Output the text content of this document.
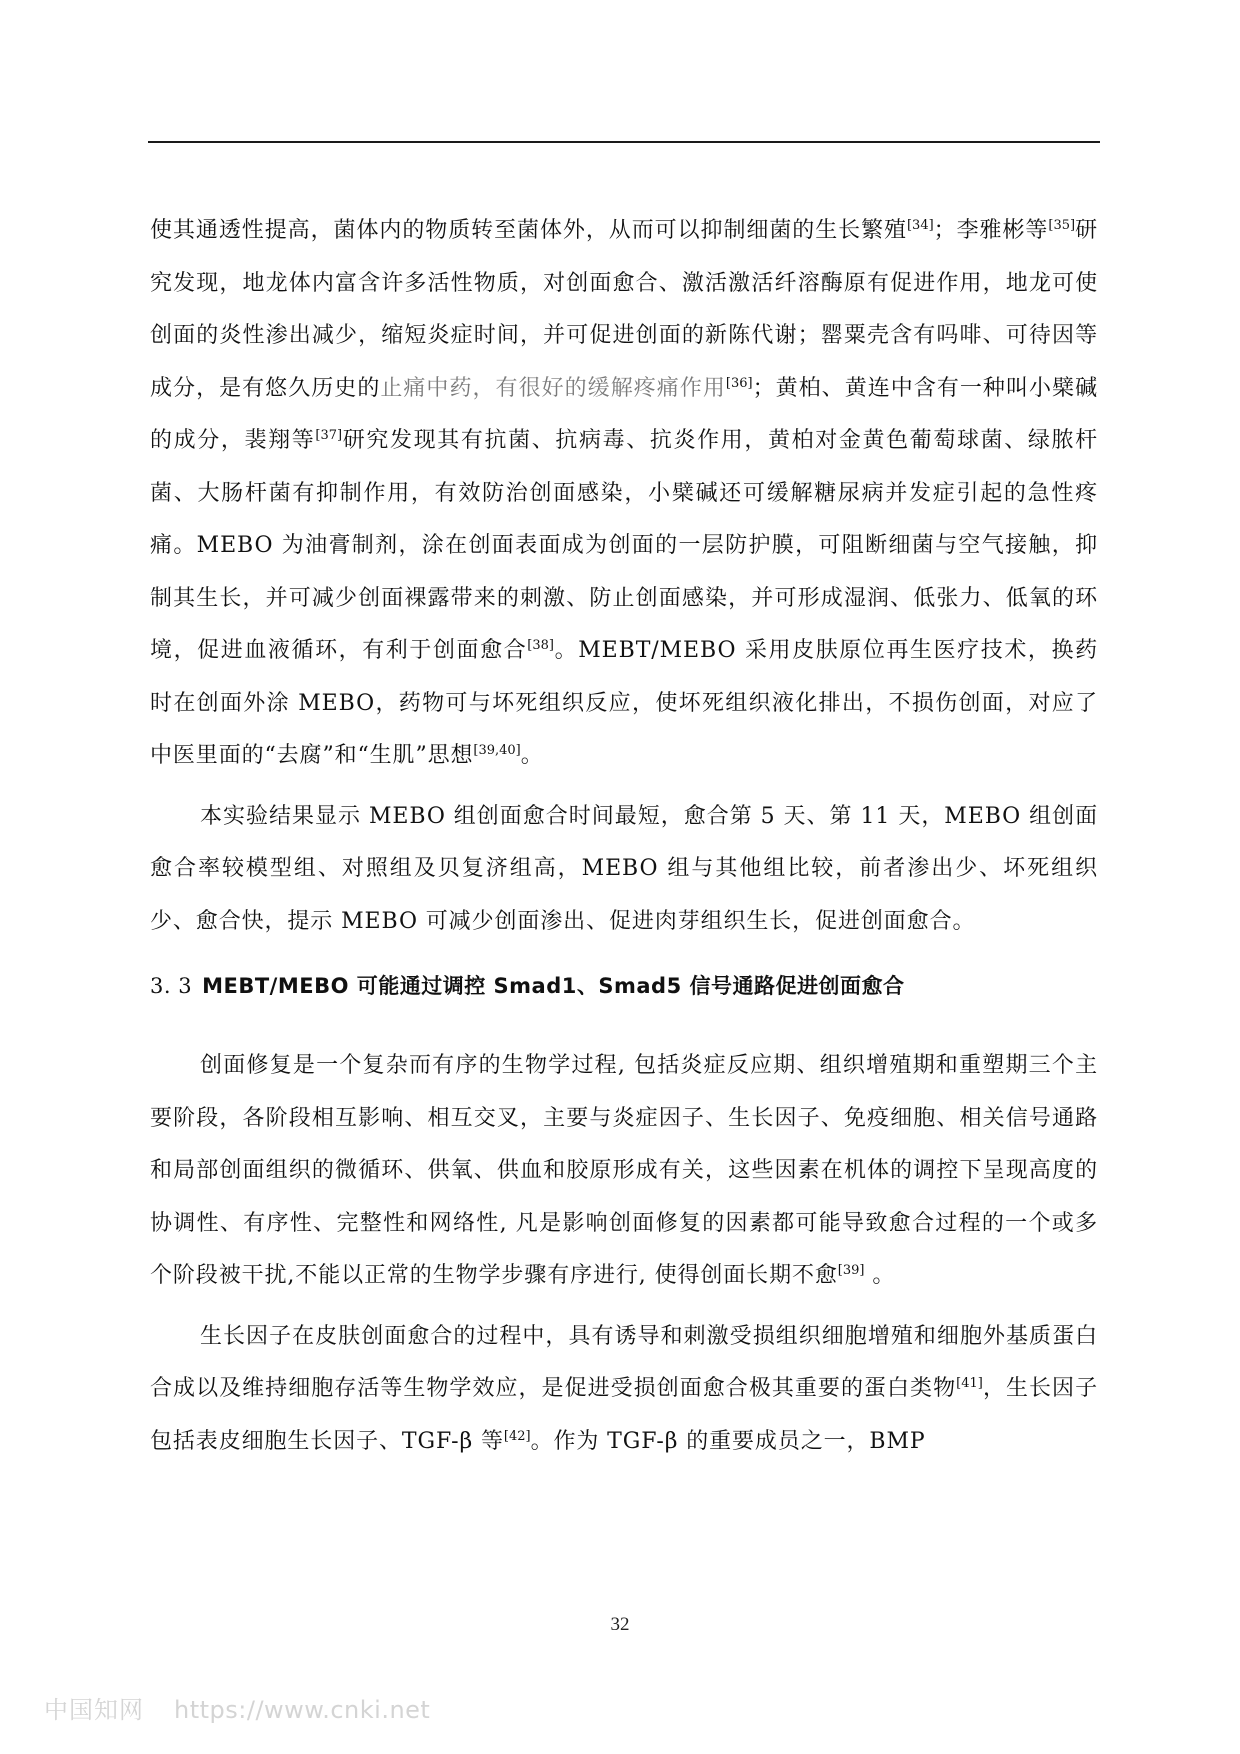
使其通透性提高，菌体内的物质转至菌体外，从而可以抑制细菌的生长繁殖[34]；李雅彬等[35]研究发现，地龙体内富含许多活性物质，对创面愈合、激活激活纤溶酶原有促进作用，地龙可使创面的炎性渗出减少，缩短炎症时间，并可促进创面的新陈代谢；罂粟壳含有吗啡、可待因等成分，是有悠久历史的止痛中药，有很好的缓解疼痛作用[36]；黄柏、黄连中含有一种叫小檗碱的成分，裴翔等[37]研究发现其有抗菌、抗病毒、抗炎作用，黄柏对金黄色葡萄球菌、绿脓杆菌、大肠杆菌有抑制作用，有效防治创面感染，小檗碱还可缓解糖尿病并发症引起的急性疼痛。MEBO 为油膏制剂，涂在创面表面成为创面的一层防护膜，可阻断细菌与空气接触，抑制其生长，并可减少创面裸露带来的刺激、防止创面感染，并可形成湿润、低张力、低氧的环境，促进血液循环，有利于创面愈合[38]。MEBT/MEBO 采用皮肤原位再生医疗技术，换药时在创面外涂 MEBO，药物可与坏死组织反应，使坏死组织液化排出，不损伤创面，对应了中医里面的“去腐”和“生肌”思想[39,40]。

本实验结果显示 MEBO 组创面愈合时间最短，愈合第 5 天、第 11 天，MEBO 组创面愈合率较模型组、对照组及贝复济组高，MEBO 组与其他组比较，前者渗出少、坏死组织少、愈合快，提示 MEBO 可减少创面渗出、促进肉芽组织生长，促进创面愈合。

3. 3 MEBT/MEBO 可能通过调控 Smad1、Smad5 信号通路促进创面愈合

创面修复是一个复杂而有序的生物学过程, 包括炎症反应期、组织增殖期和重塑期三个主要阶段，各阶段相互影响、相互交叉，主要与炎症因子、生长因子、免疫细胞、相关信号通路和局部创面组织的微循环、供氧、供血和胶原形成有关，这些因素在机体的调控下呈现高度的协调性、有序性、完整性和网络性, 凡是影响创面修复的因素都可能导致愈合过程的一个或多个阶段被干扰,不能以正常的生物学步骤有序进行, 使得创面长期不愈[39] 。

生长因子在皮肤创面愈合的过程中，具有诱导和刺激受损组织细胞增殖和细胞外基质蛋白合成以及维持细胞存活等生物学效应，是促进受损创面愈合极其重要的蛋白类物[41]，生长因子包括表皮细胞生长因子、TGF-β 等[42]。作为 TGF-β 的重要成员之一，BMP

32
中国知网 https://www.cnki.net
